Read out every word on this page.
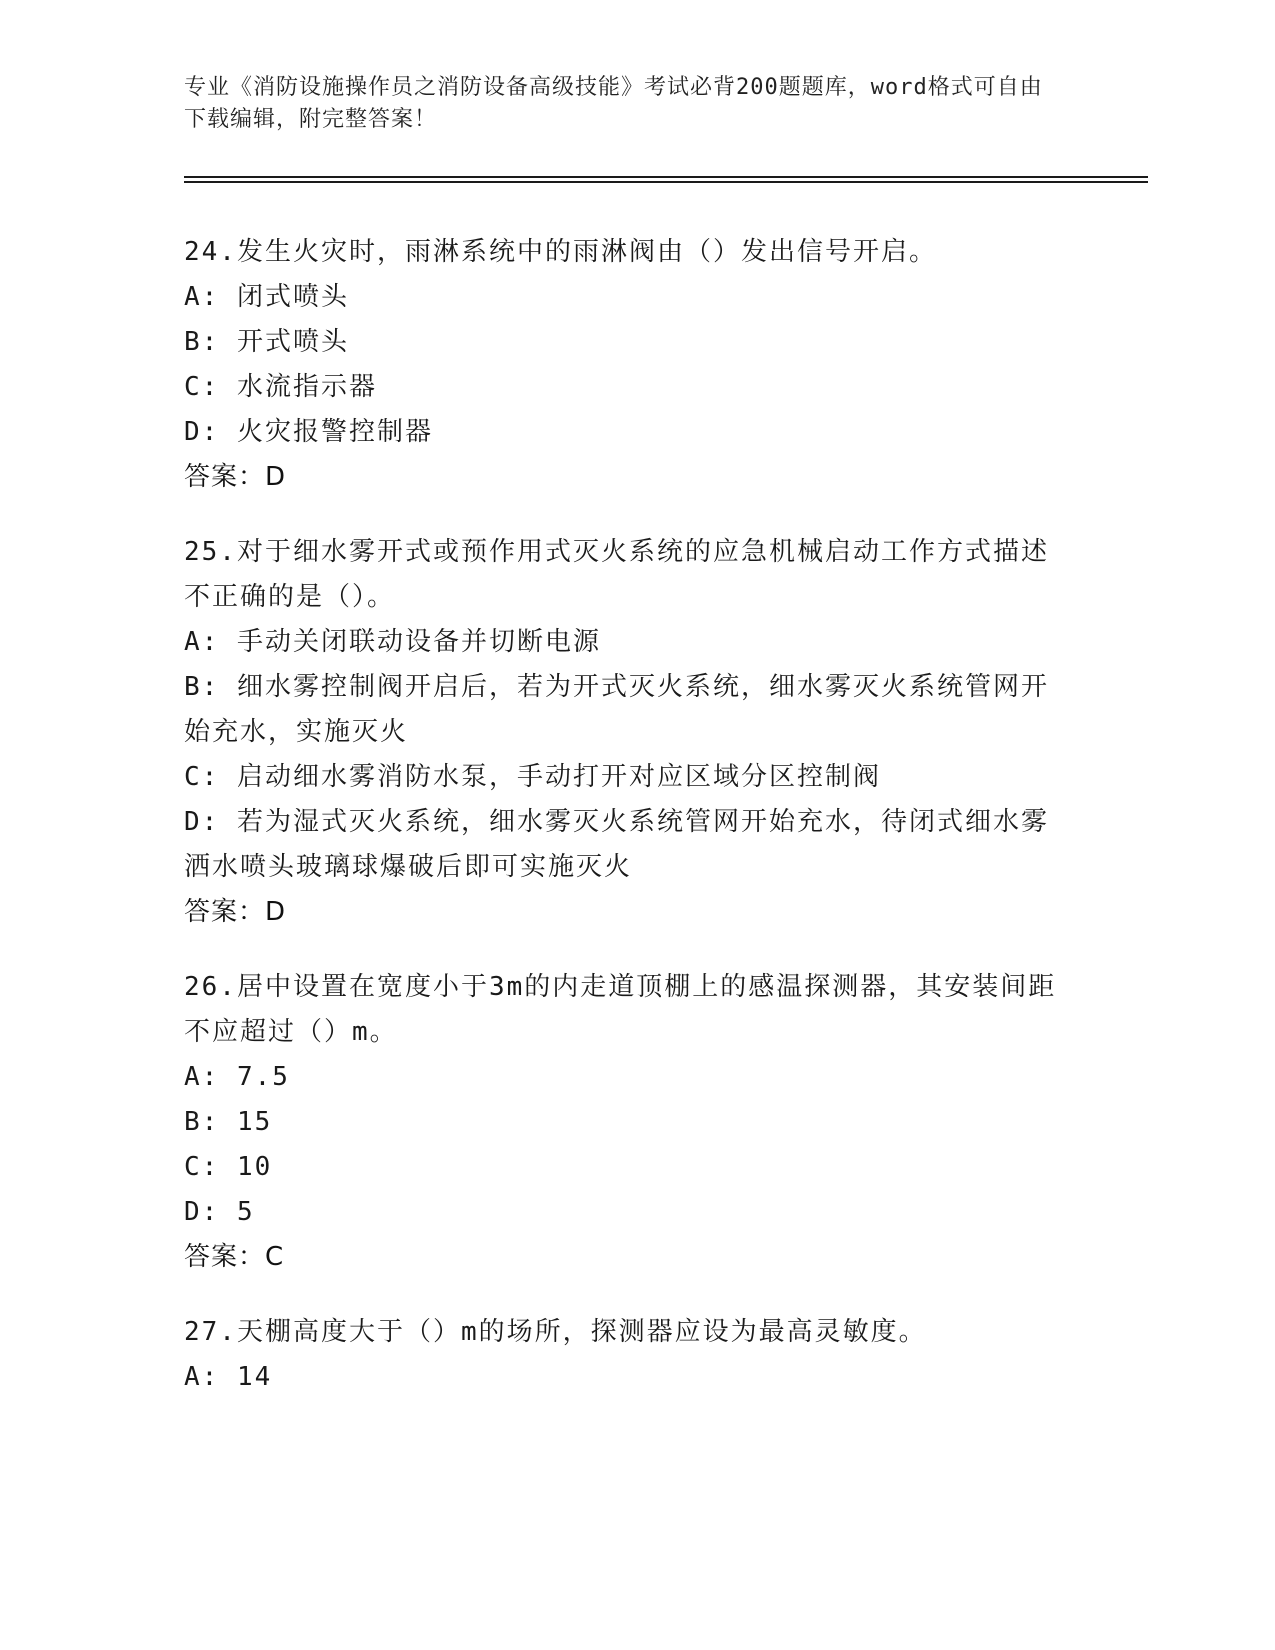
专业《消防设施操作员之消防设备高级技能》考试必背200题题库，word格式可自由下载编辑，附完整答案！
24.发生火灾时，雨淋系统中的雨淋阀由（）发出信号开启。
A: 闭式喷头
B: 开式喷头
C: 水流指示器
D: 火灾报警控制器
答案：D
25.对于细水雾开式或预作用式灭火系统的应急机械启动工作方式描述不正确的是（）。
A: 手动关闭联动设备并切断电源
B: 细水雾控制阀开启后，若为开式灭火系统，细水雾灭火系统管网开始充水，实施灭火
C: 启动细水雾消防水泵，手动打开对应区域分区控制阀
D: 若为湿式灭火系统，细水雾灭火系统管网开始充水，待闭式细水雾洒水喷头玻璃球爆破后即可实施灭火
答案：D
26.居中设置在宽度小于3m的内走道顶棚上的感温探测器，其安装间距不应超过（）m。
A: 7.5
B: 15
C: 10
D: 5
答案：C
27.天棚高度大于（）m的场所，探测器应设为最高灵敏度。
A: 14
